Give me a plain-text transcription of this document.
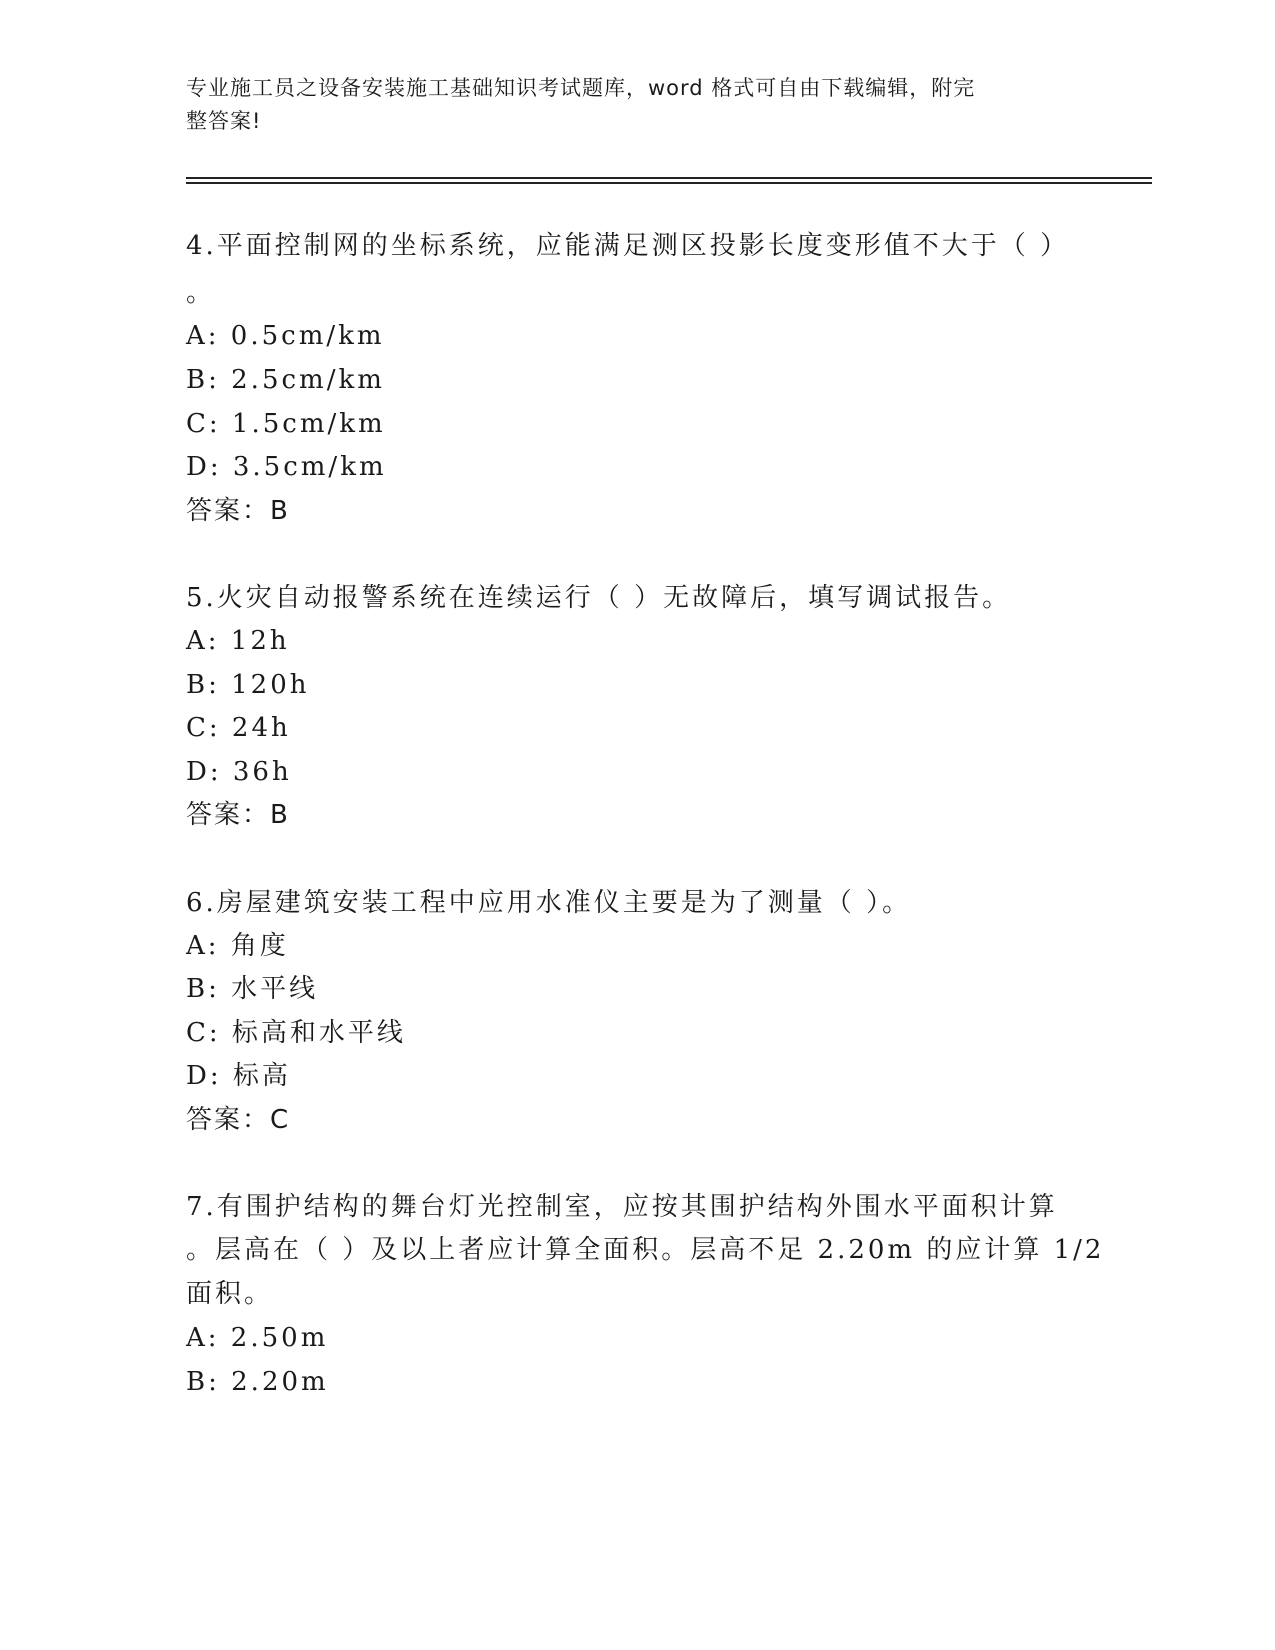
专业施工员之设备安装施工基础知识考试题库，word 格式可自由下载编辑，附完
整答案!
4.平面控制网的坐标系统，应能满足测区投影长度变形值不大于（ ）
。
A: 0.5cm/km
B: 2.5cm/km
C: 1.5cm/km
D: 3.5cm/km
答案：B
5.火灾自动报警系统在连续运行（ ）无故障后，填写调试报告。
A: 12h
B: 120h
C: 24h
D: 36h
答案：B
6.房屋建筑安装工程中应用水准仪主要是为了测量（ ）。
A: 角度
B: 水平线
C: 标高和水平线
D: 标高
答案：C
7.有围护结构的舞台灯光控制室，应按其围护结构外围水平面积计算
。层高在（ ）及以上者应计算全面积。层高不足 2.20m 的应计算 1/2
面积。
A: 2.50m
B: 2.20m
